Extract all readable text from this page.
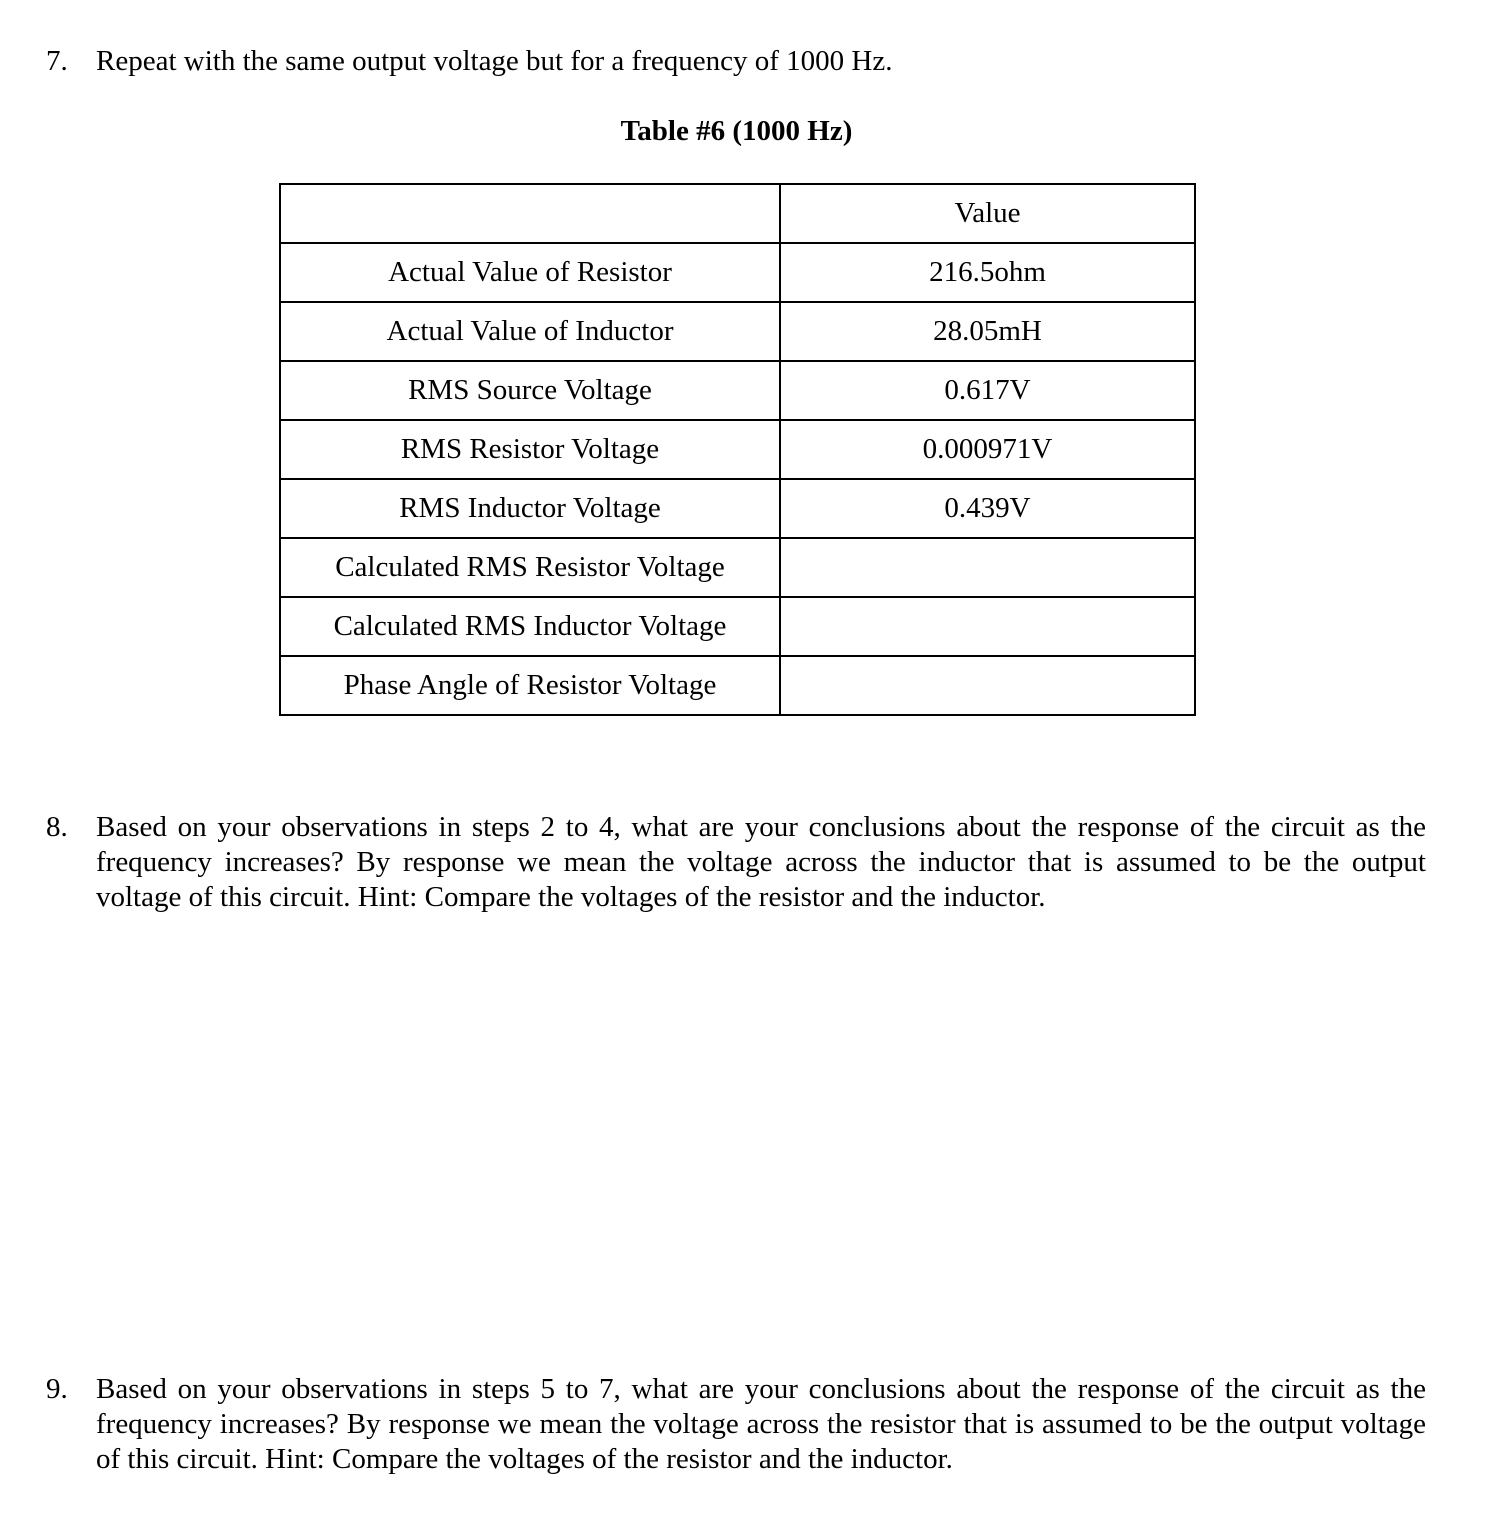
7. Repeat with the same output voltage but for a frequency of 1000 Hz.
Table #6 (1000 Hz)
	Value
Actual Value of Resistor	216.5ohm
Actual Value of Inductor	28.05mH
RMS Source Voltage	0.617V
RMS Resistor Voltage	0.000971V
RMS Inductor Voltage	0.439V
Calculated RMS Resistor Voltage	
Calculated RMS Inductor Voltage	
Phase Angle of Resistor Voltage	
8. Based on your observations in steps 2 to 4, what are your conclusions about the response of the circuit as the frequency increases? By response we mean the voltage across the inductor that is assumed to be the output voltage of this circuit. Hint: Compare the voltages of the resistor and the inductor.
9. Based on your observations in steps 5 to 7, what are your conclusions about the response of the circuit as the frequency increases? By response we mean the voltage across the resistor that is assumed to be the output voltage of this circuit. Hint: Compare the voltages of the resistor and the inductor.
